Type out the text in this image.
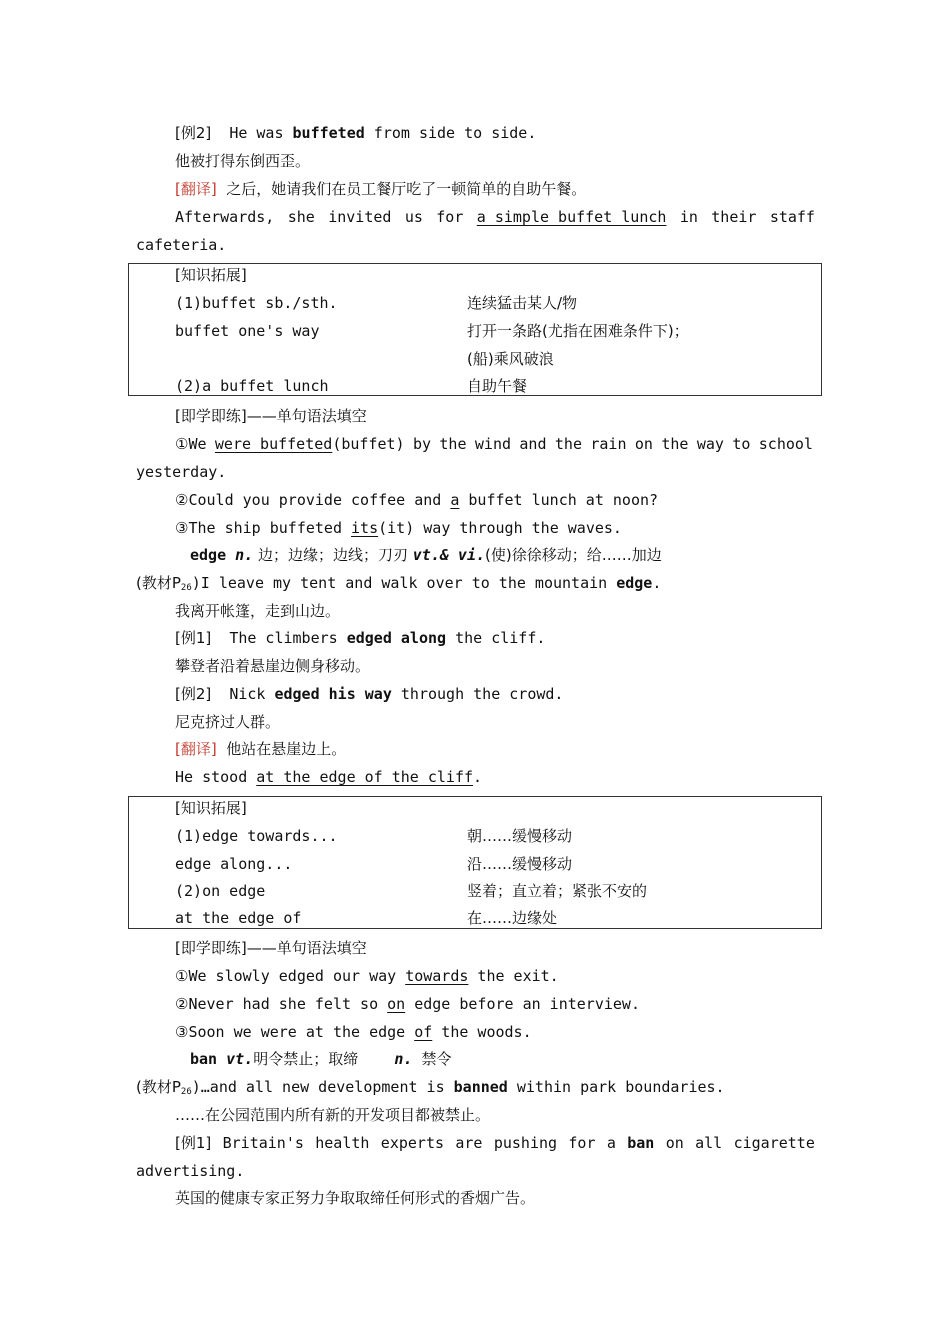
[例2] He was buffeted from side to side.
他被打得东倒西歪。
[翻译] 之后，她请我们在员工餐厅吃了一顿简单的自助午餐。
Afterwards, she invited us for a simple buffet lunch in their staff
cafeteria.
[知识拓展]
(1)buffet sb./sth.	连续猛击某人/物
buffet one's way	打开一条路(尤指在困难条件下)；
(船)乘风破浪
(2)a buffet lunch	自助午餐
[即学即练]——单句语法填空
①We were buffeted(buffet) by the wind and the rain on the way to school
yesterday.
②Could you provide coffee and a buffet lunch at noon?
③The ship buffeted its(it) way through the waves.
edge n. 边；边缘；边线；刀刃 vt.& vi.(使)徐徐移动；给……加边
(教材$P_{26})I$ leave my tent and walk over to the mountain edge.
我离开帐篷，走到山边。
[例1] The climbers edged along the cliff.
攀登者沿着悬崖边侧身移动。
[例2] Nick edged his way through the crowd.
尼克挤过人群。
[翻译] 他站在悬崖边上。
He stood at the edge of the cliff.
[知识拓展]
(1)edge towards...	朝……缓慢移动
edge along...	沿……缓慢移动
(2)on edge	竖着；直立着；紧张不安的
at the edge of	在……边缘处
[即学即练]——单句语法填空
①We slowly edged our way towards the exit.
②Never had she felt so on edge before an interview.
③Soon we were at the edge of the woods.
ban vt.明令禁止；取缔 n. 禁令
(教材$P_{26})\dots and$ all new development is banned within park boundaries.
……在公园范围内所有新的开发项目都被禁止。
[例1] Britain's health experts are pushing for a ban on all cigarette
advertising.
英国的健康专家正努力争取取缔任何形式的香烟广告。
